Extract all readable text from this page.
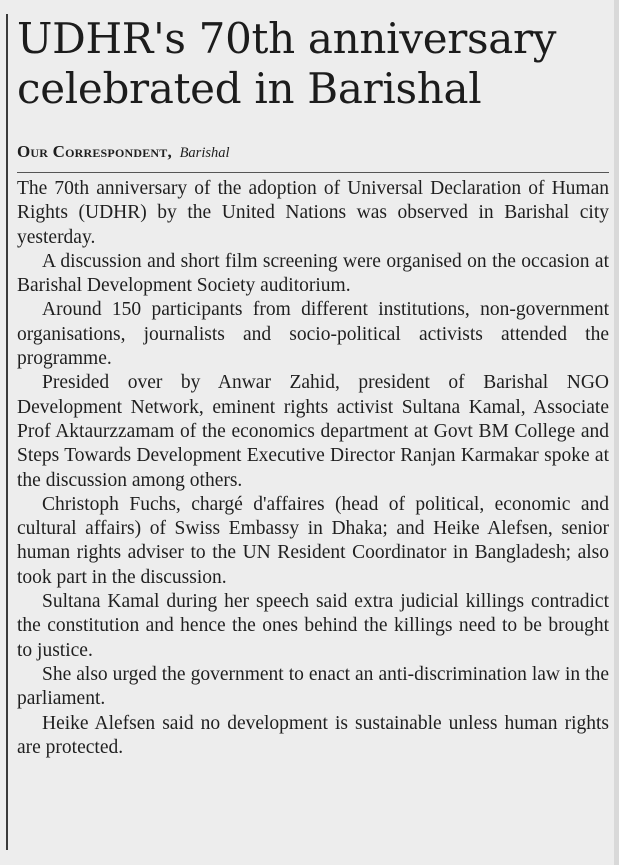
UDHR's 70th anniversary celebrated in Barishal
Our Correspondent, Barishal

The 70th anniversary of the adoption of Universal Declaration of Human Rights (UDHR) by the United Nations was observed in Barishal city yesterday.

A discussion and short film screening were organised on the occasion at Barishal Development Society auditorium.

Around 150 participants from different institutions, non-government organisations, journalists and socio-political activists attended the programme.

Presided over by Anwar Zahid, president of Barishal NGO Development Network, eminent rights activist Sultana Kamal, Associate Prof Aktaurzzamam of the economics department at Govt BM College and Steps Towards Development Executive Director Ranjan Karmakar spoke at the discussion among others.

Christoph Fuchs, chargé d'affaires (head of political, economic and cultural affairs) of Swiss Embassy in Dhaka; and Heike Alefsen, senior human rights adviser to the UN Resident Coordinator in Bangladesh; also took part in the discussion.

Sultana Kamal during her speech said extra judicial killings contradict the constitution and hence the ones behind the killings need to be brought to justice.

She also urged the government to enact an anti-discrimination law in the parliament.

Heike Alefsen said no development is sustainable unless human rights are protected.
